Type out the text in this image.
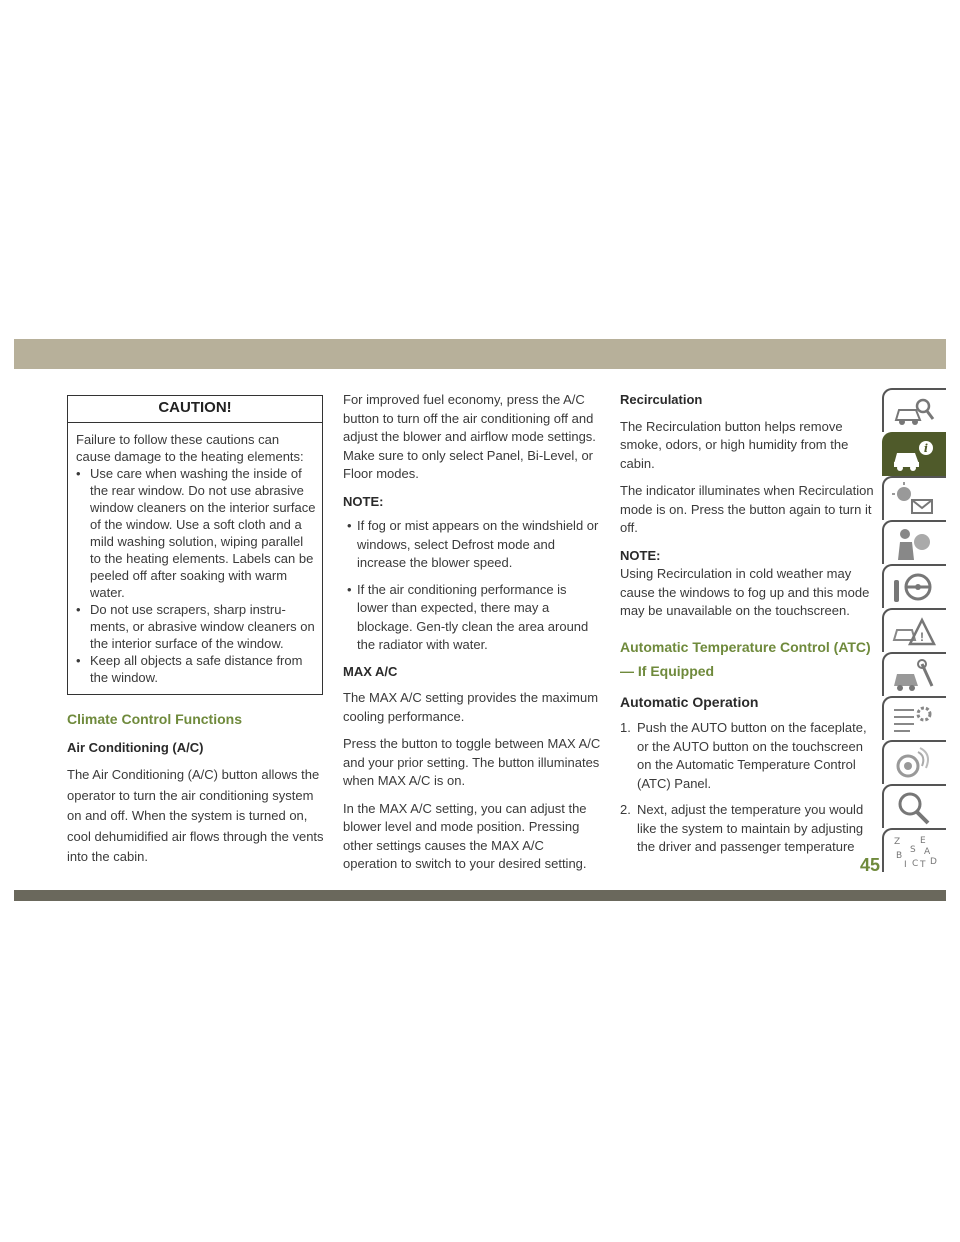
CAUTION!
Failure to follow these cautions can cause damage to the heating elements:
• Use care when washing the inside of the rear window. Do not use abrasive window cleaners on the interior surface of the window. Use a soft cloth and a mild washing solution, wiping parallel to the heating elements. Labels can be peeled off after soaking with warm water.
• Do not use scrapers, sharp instru-ments, or abrasive window cleaners on the interior surface of the window.
• Keep all objects a safe distance from the window.
Climate Control Functions
Air Conditioning (A/C)

The Air Conditioning (A/C) button allows the operator to turn the air conditioning system on and off. When the system is turned on, cool dehumidified air flows through the vents into the cabin.

For improved fuel economy, press the A/C button to turn off the air conditioning off and adjust the blower and airflow mode settings. Make sure to only select Panel, Bi-Level, or Floor modes.

NOTE:
• If fog or mist appears on the windshield or windows, select Defrost mode and increase the blower speed.
• If the air conditioning performance is lower than expected, there may a blockage. Gen-tly clean the area around the radiator with water.
MAX A/C

The MAX A/C setting provides the maximum cooling performance.

Press the button to toggle between MAX A/C and your prior setting. The button illuminates when MAX A/C is on.

In the MAX A/C setting, you can adjust the blower level and mode position. Pressing other settings causes the MAX A/C operation to switch to your desired setting.

Recirculation

The Recirculation button helps remove smoke, odors, or high humidity from the cabin.

The indicator illuminates when Recirculation mode is on. Press the button again to turn it off.

NOTE:

Using Recirculation in cold weather may cause the windows to fog up and this mode may be unavailable on the touchscreen.

Automatic Temperature Control (ATC) — If Equipped
Automatic Operation
1. Push the AUTO button on the faceplate, or the AUTO button on the touchscreen on the Automatic Temperature Control (ATC) Panel.
2. Next, adjust the temperature you would like the system to maintain by adjusting the driver and passenger temperature
i
!
Z E
S A
B
I C T D
45
